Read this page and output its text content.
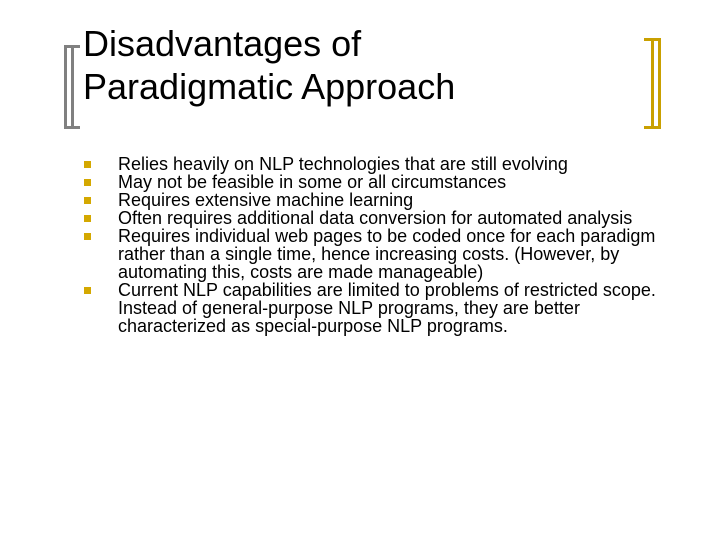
Disadvantages of
Paradigmatic Approach
Relies heavily on NLP technologies that are still evolving
May not be feasible in some or all circumstances
Requires extensive machine learning
Often requires additional data conversion for automated analysis
Requires individual web pages to be coded once for each paradigm rather than a single time, hence increasing costs. (However, by automating this, costs are made manageable)
Current NLP capabilities are limited to problems of restricted scope. Instead of general-purpose NLP programs, they are better characterized as special-purpose NLP programs.
